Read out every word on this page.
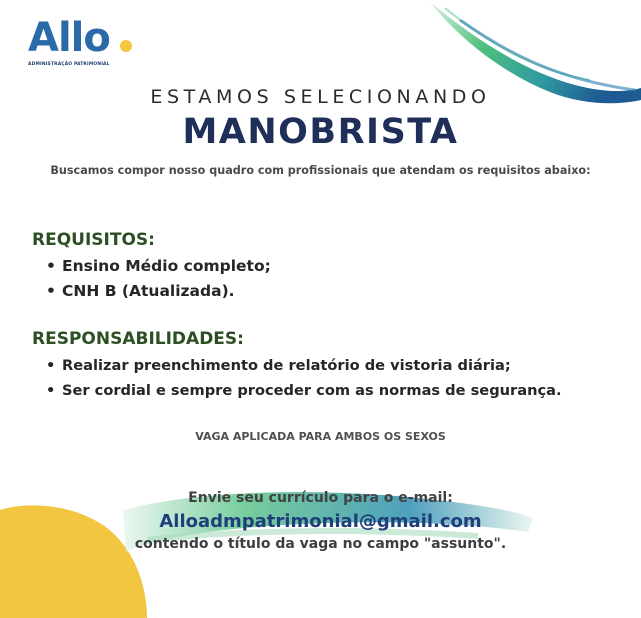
Allo
ADMINISTRAÇÃO PATRIMONIAL
ESTAMOS SELECIONANDO
MANOBRISTA
Buscamos compor nosso quadro com profissionais que atendam os requisitos abaixo:
REQUISITOS:
• Ensino Médio completo;
• CNH B (Atualizada).
RESPONSABILIDADES:
• Realizar preenchimento de relatório de vistoria diária;
• Ser cordial e sempre proceder com as normas de segurança.
VAGA APLICADA PARA AMBOS OS SEXOS
Envie seu currículo para o e-mail:
Alloadmpatrimonial@gmail.com
contendo o título da vaga no campo "assunto".
